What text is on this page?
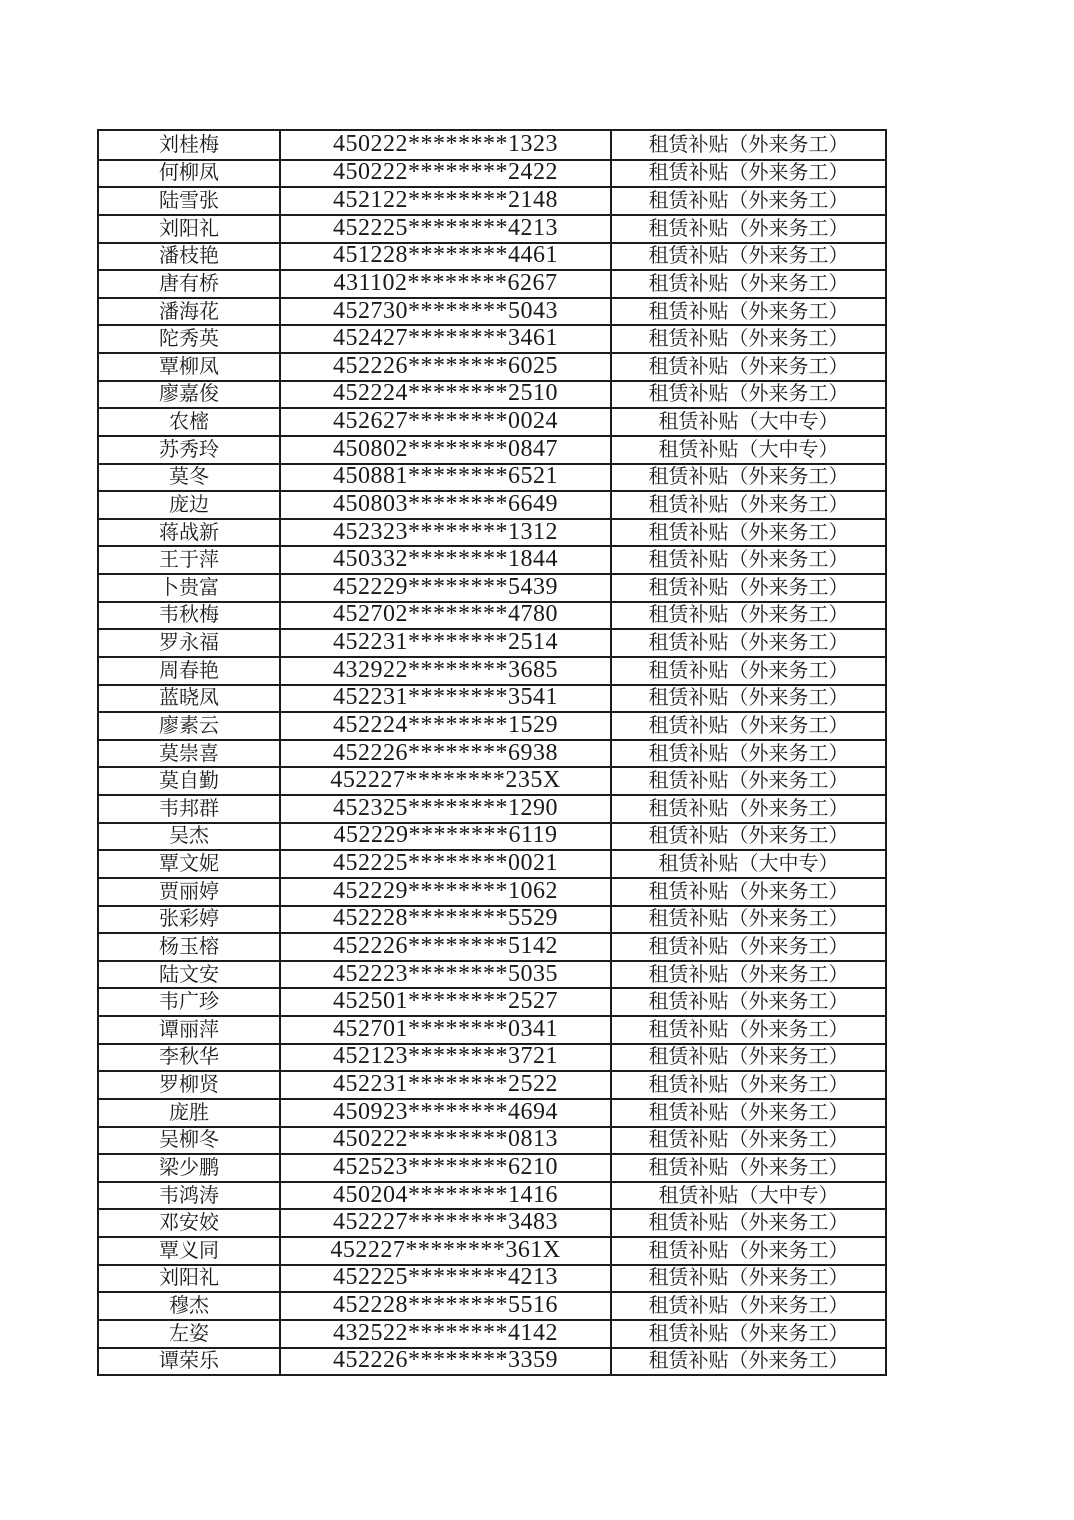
刘桂梅	450222********1323	租赁补贴（外来务工）
何柳凤	450222********2422	租赁补贴（外来务工）
陆雪张	452122********2148	租赁补贴（外来务工）
刘阳礼	452225********4213	租赁补贴（外来务工）
潘枝艳	451228********4461	租赁补贴（外来务工）
唐有桥	431102********6267	租赁补贴（外来务工）
潘海花	452730********5043	租赁补贴（外来务工）
陀秀英	452427********3461	租赁补贴（外来务工）
覃柳凤	452226********6025	租赁补贴（外来务工）
廖嘉俊	452224********2510	租赁补贴（外来务工）
农樒	452627********0024	租赁补贴（大中专）
苏秀玲	450802********0847	租赁补贴（大中专）
莫冬	450881********6521	租赁补贴（外来务工）
庞边	450803********6649	租赁补贴（外来务工）
蒋战新	452323********1312	租赁补贴（外来务工）
王于萍	450332********1844	租赁补贴（外来务工）
卜贵富	452229********5439	租赁补贴（外来务工）
韦秋梅	452702********4780	租赁补贴（外来务工）
罗永福	452231********2514	租赁补贴（外来务工）
周春艳	432922********3685	租赁补贴（外来务工）
蓝晓凤	452231********3541	租赁补贴（外来务工）
廖素云	452224********1529	租赁补贴（外来务工）
莫崇喜	452226********6938	租赁补贴（外来务工）
莫自勤	452227********235X	租赁补贴（外来务工）
韦邦群	452325********1290	租赁补贴（外来务工）
吴杰	452229********6119	租赁补贴（外来务工）
覃文妮	452225********0021	租赁补贴（大中专）
贾丽婷	452229********1062	租赁补贴（外来务工）
张彩婷	452228********5529	租赁补贴（外来务工）
杨玉榕	452226********5142	租赁补贴（外来务工）
陆文安	452223********5035	租赁补贴（外来务工）
韦广珍	452501********2527	租赁补贴（外来务工）
谭丽萍	452701********0341	租赁补贴（外来务工）
李秋华	452123********3721	租赁补贴（外来务工）
罗柳贤	452231********2522	租赁补贴（外来务工）
庞胜	450923********4694	租赁补贴（外来务工）
吴柳冬	450222********0813	租赁补贴（外来务工）
梁少鹏	452523********6210	租赁补贴（外来务工）
韦鸿涛	450204********1416	租赁补贴（大中专）
邓安姣	452227********3483	租赁补贴（外来务工）
覃义同	452227********361X	租赁补贴（外来务工）
刘阳礼	452225********4213	租赁补贴（外来务工）
穆杰	452228********5516	租赁补贴（外来务工）
左姿	432522********4142	租赁补贴（外来务工）
谭荣乐	452226********3359	租赁补贴（外来务工）
